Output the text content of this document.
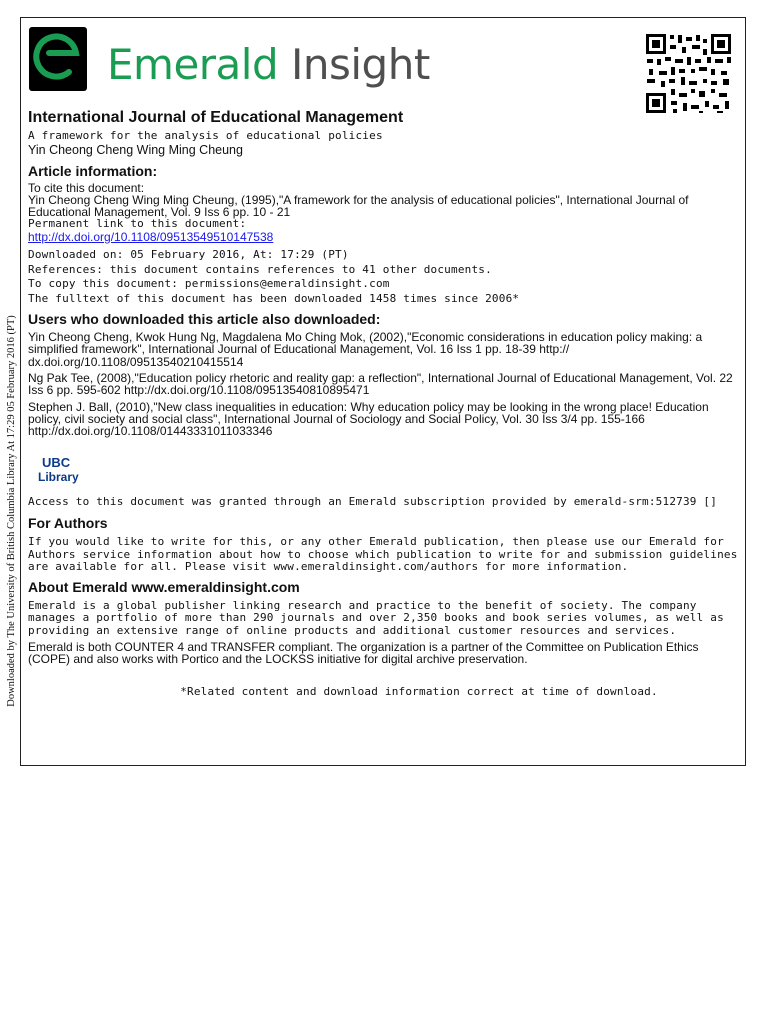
Downloaded by The University of British Columbia Library At 17:29 05 February 2016 (PT)
Emerald Insight
International Journal of Educational Management
A framework for the analysis of educational policies
Yin Cheong Cheng Wing Ming Cheung
Article information:
To cite this document:
Yin Cheong Cheng Wing Ming Cheung, (1995),"A framework for the analysis of educational policies", International Journal of Educational Management, Vol. 9 Iss 6 pp. 10 - 21
Permanent link to this document:
http://dx.doi.org/10.1108/09513549510147538
Downloaded on: 05 February 2016, At: 17:29 (PT)
References: this document contains references to 41 other documents.
To copy this document: permissions@emeraldinsight.com
The fulltext of this document has been downloaded 1458 times since 2006*
Users who downloaded this article also downloaded:
Yin Cheong Cheng, Kwok Hung Ng, Magdalena Mo Ching Mok, (2002),"Economic considerations in education policy making: a simplified framework", International Journal of Educational Management, Vol. 16 Iss 1 pp. 18-39 http:// dx.doi.org/10.1108/09513540210415514
Ng Pak Tee, (2008),"Education policy rhetoric and reality gap: a reflection", International Journal of Educational Management, Vol. 22 Iss 6 pp. 595-602 http://dx.doi.org/10.1108/09513540810895471
Stephen J. Ball, (2010),"New class inequalities in education: Why education policy may be looking in the wrong place! Education policy, civil society and social class", International Journal of Sociology and Social Policy, Vol. 30 Iss 3/4 pp. 155-166 http://dx.doi.org/10.1108/01443331011033346
UBC
Library
Access to this document was granted through an Emerald subscription provided by emerald-srm:512739 []
For Authors
If you would like to write for this, or any other Emerald publication, then please use our Emerald for Authors service information about how to choose which publication to write for and submission guidelines are available for all. Please visit www.emeraldinsight.com/authors for more information.
About Emerald www.emeraldinsight.com
Emerald is a global publisher linking research and practice to the benefit of society. The company manages a portfolio of more than 290 journals and over 2,350 books and book series volumes, as well as providing an extensive range of online products and additional customer resources and services.
Emerald is both COUNTER 4 and TRANSFER compliant. The organization is a partner of the Committee on Publication Ethics (COPE) and also works with Portico and the LOCKSS initiative for digital archive preservation.
*Related content and download information correct at time of download.
